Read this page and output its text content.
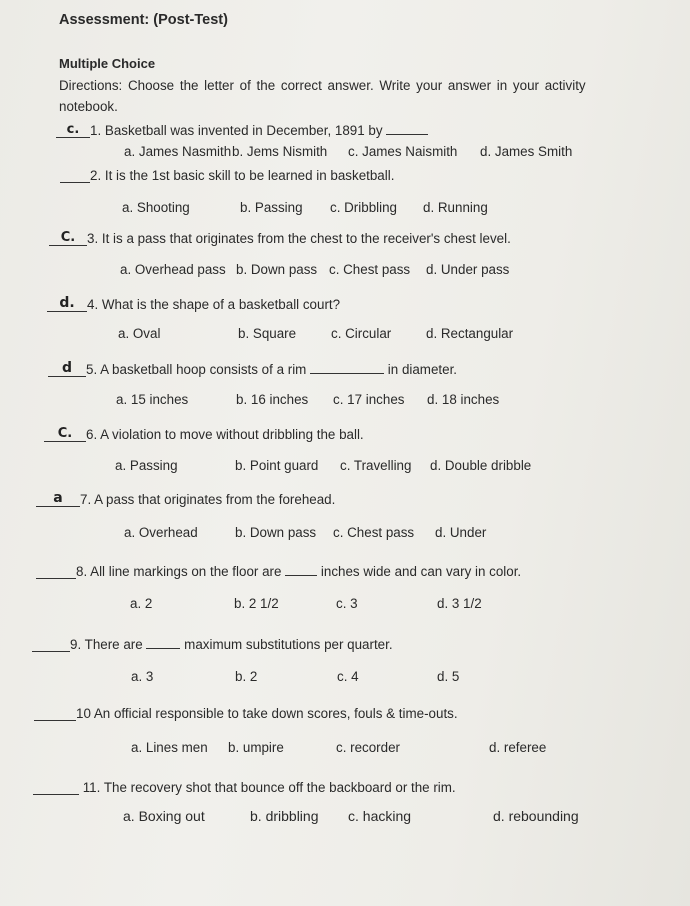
Assessment: (Post-Test)
Multiple Choice
Directions: Choose the letter of the correct answer. Write your answer in your activity
notebook.
c. 1. Basketball was invented in December, 1891 by
a. James Nasmith b. Jems Nismith c. James Naismith d. James Smith
2. It is the 1st basic skill to be learned in basketball.
a. Shooting	b. Passing c. Dribbling d. Running
C. 3. It is a pass that originates from the chest to the receiver's chest level.
a. Overhead pass b. Down pass c. Chest pass d. Under pass
d. 4. What is the shape of a basketball court?
a. Oval	b. Square	c. Circular	d. Rectangular
d	5. A basketball hoop consists of a rim	in diameter.
a. 15 inches	b. 16 inches c. 17 inches d. 18 inches
C.	6. A violation to move without dribbling the ball.
a. Passing	b. Point guard c. Travelling d. Double dribble
a	7. A pass that originates from the forehead.
a. Overhead	b. Down pass c. Chest pass d. Under
8. All line markings on the floor are	inches wide and can vary in color.
a. 2	b. 2 1/2	c. 3	d. 3 1/2
9. There are	maximum substitutions per quarter.
a. 3	b. 2	c. 4	d. 5
10 An official responsible to take down scores, fouls & time-outs.
a. Lines men b. umpire	c. recorder	d. referee
11. The recovery shot that bounce off the backboard or the rim.
a. Boxing out	b. dribbling c. hacking	d. rebounding
